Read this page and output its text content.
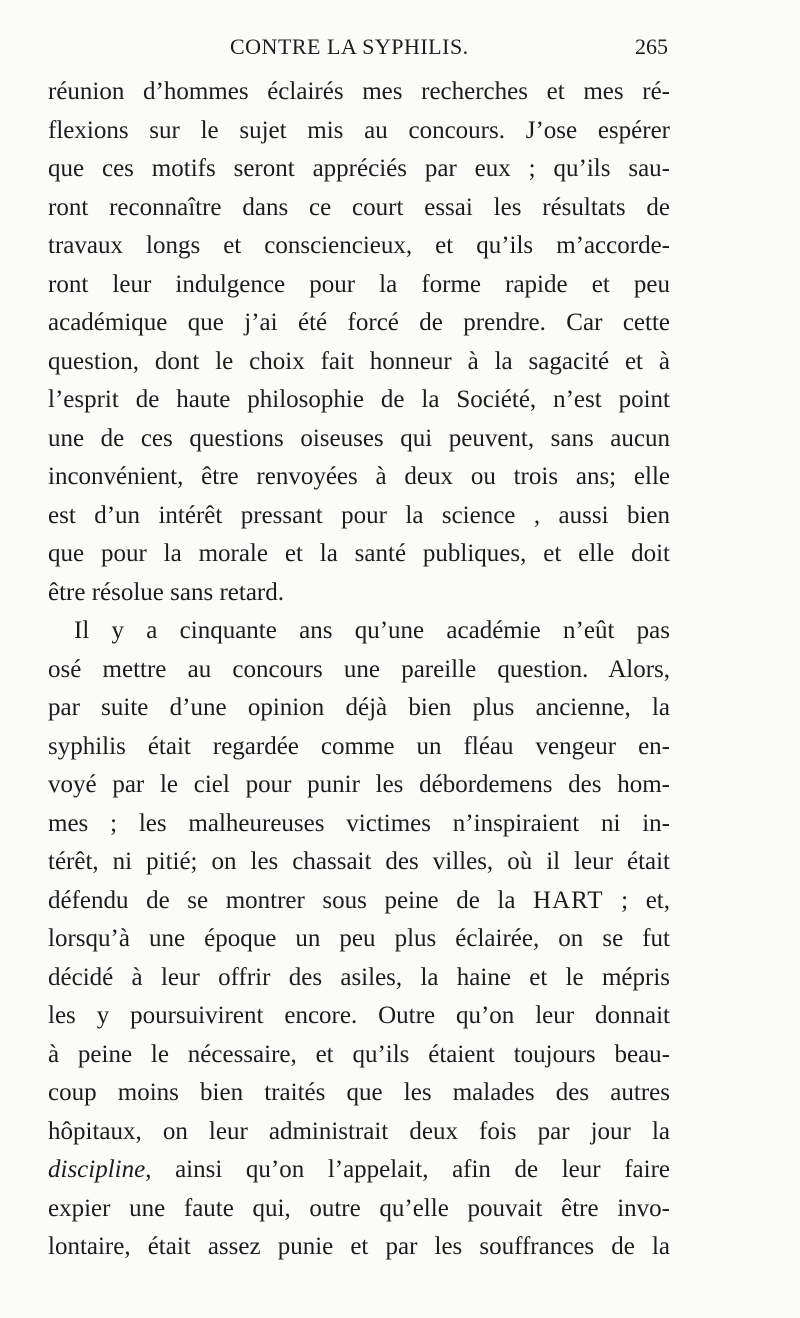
CONTRE LA SYPHILIS.	265
réunion d’hommes éclairés mes recherches et mes ré-
flexions sur le sujet mis au concours. J’ose espérer
que ces motifs seront appréciés par eux ; qu’ils sau-
ront reconnaître dans ce court essai les résultats de
travaux longs et consciencieux, et qu’ils m’accorde-
ront leur indulgence pour la forme rapide et peu
académique que j’ai été forcé de prendre. Car cette
question, dont le choix fait honneur à la sagacité et à
l’esprit de haute philosophie de la Société, n’est point
une de ces questions oiseuses qui peuvent, sans aucun
inconvénient, être renvoyées à deux ou trois ans; elle
est d’un intérêt pressant pour la science , aussi bien
que pour la morale et la santé publiques, et elle doit
être résolue sans retard.
Il y a cinquante ans qu’une académie n’eût pas
osé mettre au concours une pareille question. Alors,
par suite d’une opinion déjà bien plus ancienne, la
syphilis était regardée comme un fléau vengeur en-
voyé par le ciel pour punir les débordemens des hom-
mes ; les malheureuses victimes n’inspiraient ni in-
térêt, ni pitié; on les chassait des villes, où il leur était
défendu de se montrer sous peine de la HART ; et,
lorsqu’à une époque un peu plus éclairée, on se fut
décidé à leur offrir des asiles, la haine et le mépris
les y poursuivirent encore. Outre qu’on leur donnait
à peine le nécessaire, et qu’ils étaient toujours beau-
coup moins bien traités que les malades des autres
hôpitaux, on leur administrait deux fois par jour la
discipline, ainsi qu’on l’appelait, afin de leur faire
expier une faute qui, outre qu’elle pouvait être invo-
lontaire, était assez punie et par les souffrances de la
